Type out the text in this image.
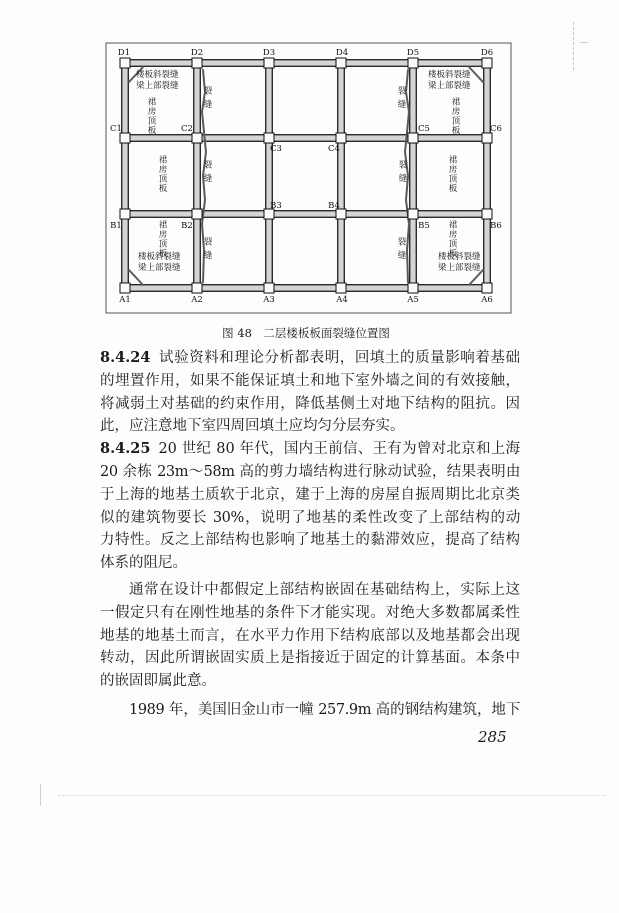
D1	D2	D3	D4	D5	D6
C1	C2
C3	C4
C5	C6
B1	B2
B3	B4
B5	B6
A1	A2	A3	A4	A5	A6
楼板斜裂缝
梁上部裂缝
裙房顶板
楼板斜裂缝
梁上部裂缝
裙房顶板
裙房顶板	裙房顶板
裙房顶板
楼板斜裂缝
梁上部裂缝
裙房顶板
楼板斜裂缝
梁上部裂缝
裂缝	裂缝
裂缝	裂缝
裂缝	裂缝
图 48　二层楼板板面裂缝位置图
8.4.24 试验资料和理论分析都表明，回填土的质量影响着基础
的埋置作用，如果不能保证填土和地下室外墙之间的有效接触，
将减弱土对基础的约束作用，降低基侧土对地下结构的阻抗。因
此，应注意地下室四周回填土应均匀分层夯实。
8.4.25 20 世纪 80 年代，国内王前信、王有为曾对北京和上海
20 余栋 23m～58m 高的剪力墙结构进行脉动试验，结果表明由
于上海的地基土质软于北京，建于上海的房屋自振周期比北京类
似的建筑物要长 30%，说明了地基的柔性改变了上部结构的动
力特性。反之上部结构也影响了地基土的黏滞效应，提高了结构
体系的阻尼。
通常在设计中都假定上部结构嵌固在基础结构上，实际上这
一假定只有在刚性地基的条件下才能实现。对绝大多数都属柔性
地基的地基土而言，在水平力作用下结构底部以及地基都会出现
转动，因此所谓嵌固实质上是指接近于固定的计算基面。本条中
的嵌固即属此意。
1989 年，美国旧金山市一幢 257.9m 高的钢结构建筑，地下
285
